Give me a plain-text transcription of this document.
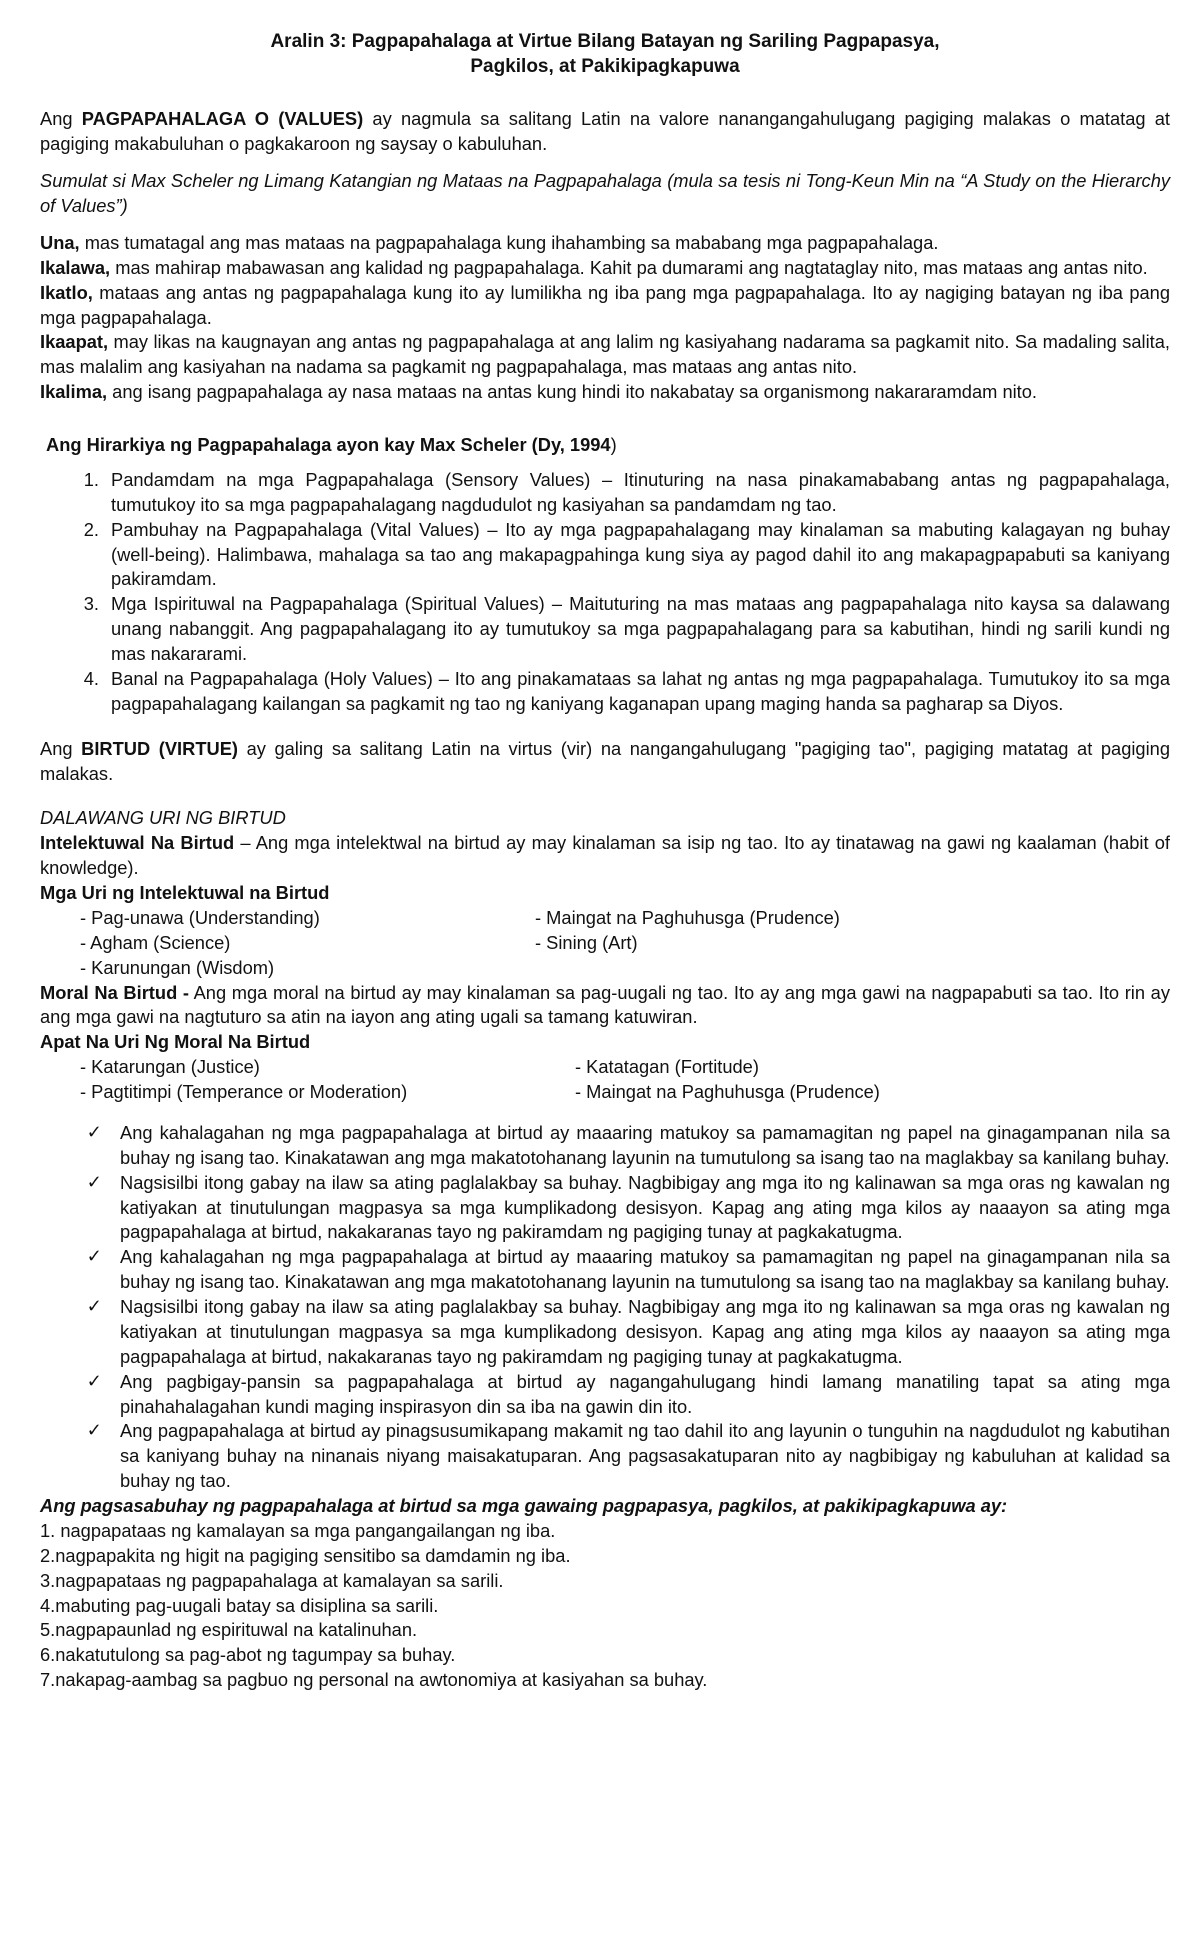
Aralin 3: Pagpapahalaga at Virtue Bilang Batayan ng Sariling Pagpapasya,
Pagkilos, at Pakikipagkapuwa

Ang PAGPAPAHALAGA O (VALUES) ay nagmula sa salitang Latin na valore nanangangahulugang pagiging malakas o matatag at pagiging makabuluhan o pagkakaroon ng saysay o kabuluhan.

Sumulat si Max Scheler ng Limang Katangian ng Mataas na Pagpapahalaga (mula sa tesis ni Tong-Keun Min na “A Study on the Hierarchy of Values”)

Una, mas tumatagal ang mas mataas na pagpapahalaga kung ihahambing sa mababang mga pagpapahalaga.

Ikalawa, mas mahirap mabawasan ang kalidad ng pagpapahalaga. Kahit pa dumarami ang nagtataglay nito, mas mataas ang antas nito.

Ikatlo, mataas ang antas ng pagpapahalaga kung ito ay lumilikha ng iba pang mga pagpapahalaga. Ito ay nagiging batayan ng iba pang mga pagpapahalaga.

Ikaapat, may likas na kaugnayan ang antas ng pagpapahalaga at ang lalim ng kasiyahang nadarama sa pagkamit nito. Sa madaling salita, mas malalim ang kasiyahan na nadama sa pagkamit ng pagpapahalaga, mas mataas ang antas nito.

Ikalima, ang isang pagpapahalaga ay nasa mataas na antas kung hindi ito nakabatay sa organismong nakararamdam nito.

Ang Hirarkiya ng Pagpapahalaga ayon kay Max Scheler (Dy, 1994)

1. Pandamdam na mga Pagpapahalaga (Sensory Values) – Itinuturing na nasa pinakamababang antas ng pagpapahalaga, tumutukoy ito sa mga pagpapahalagang nagdudulot ng kasiyahan sa pandamdam ng tao.
2. Pambuhay na Pagpapahalaga (Vital Values) – Ito ay mga pagpapahalagang may kinalaman sa mabuting kalagayan ng buhay (well-being). Halimbawa, mahalaga sa tao ang makapagpahinga kung siya ay pagod dahil ito ang makapagpapabuti sa kaniyang pakiramdam.
3. Mga Ispirituwal na Pagpapahalaga (Spiritual Values) – Maituturing na mas mataas ang pagpapahalaga nito kaysa sa dalawang unang nabanggit. Ang pagpapahalagang ito ay tumutukoy sa mga pagpapahalagang para sa kabutihan, hindi ng sarili kundi ng mas nakararami.
4. Banal na Pagpapahalaga (Holy Values) – Ito ang pinakamataas sa lahat ng antas ng mga pagpapahalaga. Tumutukoy ito sa mga pagpapahalagang kailangan sa pagkamit ng tao ng kaniyang kaganapan upang maging handa sa pagharap sa Diyos.

Ang BIRTUD (VIRTUE) ay galing sa salitang Latin na virtus (vir) na nangangahulugang "pagiging tao", pagiging matatag at pagiging malakas.

DALAWANG URI NG BIRTUD

Intelektuwal Na Birtud – Ang mga intelektwal na birtud ay may kinalaman sa isip ng tao. Ito ay tinatawag na gawi ng kaalaman (habit of knowledge).

Mga Uri ng Intelektuwal na Birtud

- Pag-unawa (Understanding)
- Agham (Science)
- Karunungan (Wisdom)
- Maingat na Paghuhusga (Prudence)
- Sining (Art)

Moral Na Birtud - Ang mga moral na birtud ay may kinalaman sa pag-uugali ng tao. Ito ay ang mga gawi na nagpapabuti sa tao. Ito rin ay ang mga gawi na nagtuturo sa atin na iayon ang ating ugali sa tamang katuwiran.

Apat Na Uri Ng Moral Na Birtud

- Katarungan (Justice)
- Pagtitimpi (Temperance or Moderation)
- Katatagan (Fortitude)
- Maingat na Paghuhusga (Prudence)
✓ Ang kahalagahan ng mga pagpapahalaga at birtud ay maaaring matukoy sa pamamagitan ng papel na ginagampanan nila sa buhay ng isang tao. Kinakatawan ang mga makatotohanang layunin na tumutulong sa isang tao na maglakbay sa kanilang buhay.
✓ Nagsisilbi itong gabay na ilaw sa ating paglalakbay sa buhay. Nagbibigay ang mga ito ng kalinawan sa mga oras ng kawalan ng katiyakan at tinutulungan magpasya sa mga kumplikadong desisyon. Kapag ang ating mga kilos ay naaayon sa ating mga pagpapahalaga at birtud, nakakaranas tayo ng pakiramdam ng pagiging tunay at pagkakatugma.
✓ Ang kahalagahan ng mga pagpapahalaga at birtud ay maaaring matukoy sa pamamagitan ng papel na ginagampanan nila sa buhay ng isang tao. Kinakatawan ang mga makatotohanang layunin na tumutulong sa isang tao na maglakbay sa kanilang buhay.
✓ Nagsisilbi itong gabay na ilaw sa ating paglalakbay sa buhay. Nagbibigay ang mga ito ng kalinawan sa mga oras ng kawalan ng katiyakan at tinutulungan magpasya sa mga kumplikadong desisyon. Kapag ang ating mga kilos ay naaayon sa ating mga pagpapahalaga at birtud, nakakaranas tayo ng pakiramdam ng pagiging tunay at pagkakatugma.
✓ Ang pagbigay-pansin sa pagpapahalaga at birtud ay nagangahulugang hindi lamang manatiling tapat sa ating mga pinahahalagahan kundi maging inspirasyon din sa iba na gawin din ito.
✓ Ang pagpapahalaga at birtud ay pinagsusumikapang makamit ng tao dahil ito ang layunin o tunguhin na nagdudulot ng kabutihan sa kaniyang buhay na ninanais niyang maisakatuparan. Ang pagsasakatuparan nito ay nagbibigay ng kabuluhan at kalidad sa buhay ng tao.

Ang pagsasabuhay ng pagpapahalaga at birtud sa mga gawaing pagpapasya, pagkilos, at pakikipagkapuwa ay:

1. nagpapataas ng kamalayan sa mga pangangailangan ng iba.

2.nagpapakita ng higit na pagiging sensitibo sa damdamin ng iba.

3.nagpapataas ng pagpapahalaga at kamalayan sa sarili.

4.mabuting pag-uugali batay sa disiplina sa sarili.

5.nagpapaunlad ng espirituwal na katalinuhan.

6.nakatutulong sa pag-abot ng tagumpay sa buhay.

7.nakapag-aambag sa pagbuo ng personal na awtonomiya at kasiyahan sa buhay.
